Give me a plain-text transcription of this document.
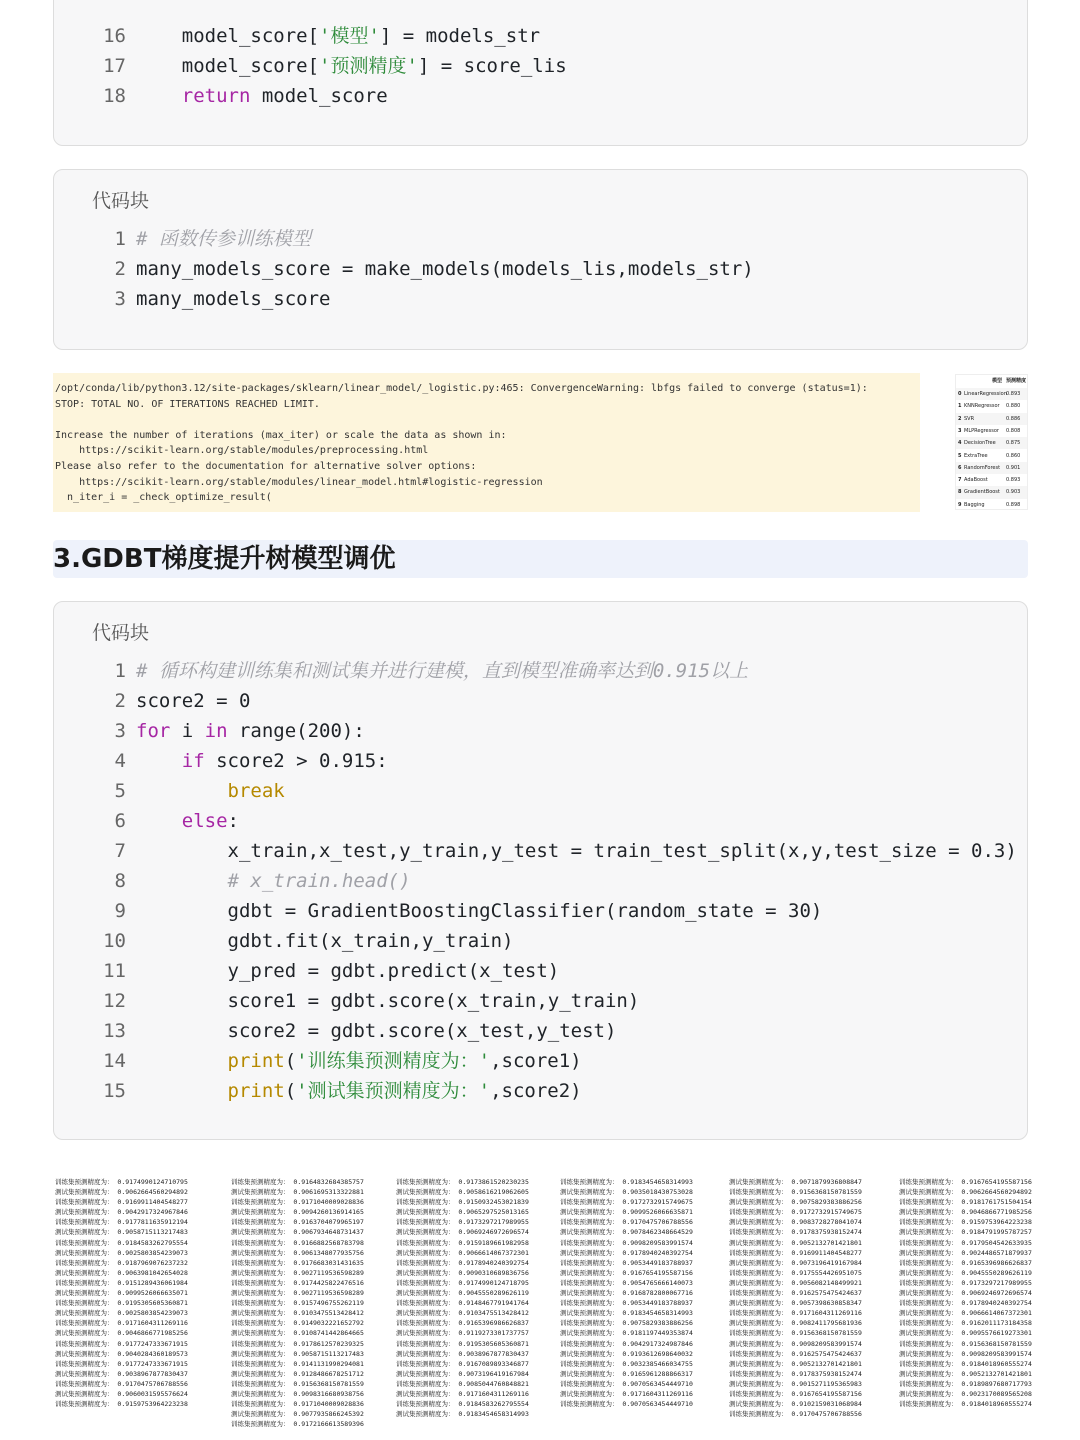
16 model_score['模型'] = models_str
17 model_score['预测精度'] = score_lis
18	return model_score
代码块
1 # 函数传参训练模型
2 many_models_score = make_models(models_lis,models_str)
3 many_models_score
/opt/conda/lib/python3.12/site-packages/sklearn/linear_model/_logistic.py:465: ConvergenceWarning: lbfgs failed to converge (status=1):
STOP: TOTAL NO. OF ITERATIONS REACHED LIMIT.

Increase the number of iterations (max_iter) or scale the data as shown in:
https://scikit-learn.org/stable/modules/preprocessing.html
Please also refer to the documentation for alternative solver options:
https://scikit-learn.org/stable/modules/linear_model.html#logistic-regression
n_iter_i = _check_optimize_result(
模型 预测精度
0 LinearRegression 0.893
1 KNNRegressor 0.880
2 SVR	0.886
3 MLPRegressor 0.808
4 DecisionTree 0.875
5 ExtraTree	0.860
6 RandomForest 0.901
7 AdaBoost	0.893
8 GradientBoost 0.903
9 Bagging	0.898
3.GDBT梯度提升树模型调优
代码块
1 # 循环构建训练集和测试集并进行建模，直到模型准确率达到0.915以上
2 score2 = 0
3 for i in range(200):
4	if score2 > 0.915:
5	break
6	else:
7 x_train,x_test,y_train,y_test = train_test_split(x,y,test_size = 0.3)
8	# x_train.head()
9 gdbt = GradientBoostingClassifier(random_state = 30)
10 gdbt.fit(x_train,y_train)
11 y_pred = gdbt.predict(x_test)
12 score1 = gdbt.score(x_train,y_train)
13 score2 = gdbt.score(x_test,y_test)
14	print('训练集预测精度为：',score1)
15	print('测试集预测精度为：',score2)
训练集预测精度为： 0.9174990124710795
测试集预测精度为： 0.9062664560294892
训练集预测精度为： 0.9169911404548277
测试集预测精度为： 0.9042917324967846
训练集预测精度为： 0.9177811635912194
测试集预测精度为： 0.9058715113217483
训练集预测精度为： 0.9184583262795554
测试集预测精度为： 0.9025803854239073
训练集预测精度为： 0.9187969076237232
测试集预测精度为： 0.9063981042654028
训练集预测精度为： 0.9151289436061984
测试集预测精度为： 0.9099526066635071
训练集预测精度为： 0.9195305605360871
测试集预测精度为： 0.9025803854239073
训练集预测精度为： 0.9171604311269116
测试集预测精度为： 0.9046866771985256
训练集预测精度为： 0.9177247333671915
测试集预测精度为： 0.9040284360189573
训练集预测精度为： 0.9177247333671915
测试集预测精度为： 0.9038967877830437
训练集预测精度为： 0.9170475706788556
测试集预测精度为： 0.9060031595576624
训练集预测精度为： 0.9159753964223238
训练集预测精度为： 0.9164832684385757
测试集预测精度为： 0.9061695313322881
训练集预测精度为： 0.9171040009028836
测试集预测精度为： 0.9094260136914165
训练集预测精度为： 0.9163704079965197
测试集预测精度为： 0.9067934648731437
训练集预测精度为： 0.9166882568783798
测试集预测精度为： 0.9061348077935756
训练集预测精度为： 0.9176683031431635
测试集预测精度为： 0.9027119536598289
训练集预测精度为： 0.9174425822476516
测试集预测精度为： 0.9027119536598289
训练集预测精度为： 0.9157496755262119
测试集预测精度为： 0.9103475513428412
训练集预测精度为： 0.9149032221652792
测试集预测精度为： 0.9108741442864665
训练集预测精度为： 0.9178612570239325
测试集预测精度为： 0.9058715113217483
训练集预测精度为： 0.9141131990294081
测试集预测精度为： 0.9128486678251712
训练集预测精度为： 0.9156368150781559
测试集预测精度为： 0.9098316680938756
训练集预测精度为： 0.9171040009028836
测试集预测精度为： 0.9077935866245392
训练集预测精度为： 0.9172166613589396
训练集预测精度为： 0.9173861520230235
测试集预测精度为： 0.9058616219062605
训练集预测精度为： 0.9150932453021839
测试集预测精度为： 0.9065297525013165
训练集预测精度为： 0.9173297217989955
测试集预测精度为： 0.9069246972696574
训练集预测精度为： 0.9159189661982958
测试集预测精度为： 0.9066614067372301
训练集预测精度为： 0.9178940240392754
测试集预测精度为： 0.9090310689836756
训练集预测精度为： 0.9174990124718795
测试集预测精度为： 0.9045550289626119
训练集预测精度为： 0.9148467791941764
测试集预测精度为： 0.9103475513428412
训练集预测精度为： 0.9165396986626837
测试集预测精度为： 0.9119273301737757
训练集预测精度为： 0.9195305605360871
测试集预测精度为： 0.9038967877830437
训练集预测精度为： 0.9167089893346877
测试集预测精度为： 0.9073196419167984
训练集预测精度为： 0.9085044760848821
测试集预测精度为： 0.9171604311269116
训练集预测精度为： 0.9184583262795554
测试集预测精度为： 0.9183454658314993
训练集预测精度为： 0.9183454658314993
测试集预测精度为： 0.9035018430753028
训练集预测精度为： 0.9172732915749675
测试集预测精度为： 0.9099526066635871
训练集预测精度为： 0.9170475706788556
测试集预测精度为： 0.9078462348664529
训练集预测精度为： 0.9098209583991574
测试集预测精度为： 0.9178940240392754
训练集预测精度为： 0.9053449183788937
测试集预测精度为： 0.9167654195587156
训练集预测精度为： 0.9054765666140073
测试集预测精度为： 0.9168782800067716
训练集预测精度为： 0.9053449183788937
测试集预测精度为： 0.9183454658314993
训练集预测精度为： 0.9075829383886256
测试集预测精度为： 0.9181197449353874
训练集预测精度为： 0.9042917324987846
测试集预测精度为： 0.9193612698640032
训练集预测精度为： 0.9032385466034755
测试集预测精度为： 0.9165961288866317
训练集预测精度为： 0.9070563454449710
测试集预测精度为： 0.9171604311269116
训练集预测精度为： 0.9070563454449710
测试集预测精度为： 0.9071879936808847
训练集预测精度为： 0.9156368150781559
测试集预测精度为： 0.9075829383886256
训练集预测精度为： 0.9172732915749675
测试集预测精度为： 0.9083728278041074
训练集预测精度为： 0.9178375938152474
测试集预测精度为： 0.9052132701421801
训练集预测精度为： 0.9169911404548277
测试集预测精度为： 0.9073196419167984
训练集预测精度为： 0.9175554426951075
测试集预测精度为： 0.9056082148499921
训练集预测精度为： 0.9162575475424637
测试集预测精度为： 0.9057398630858347
训练集预测精度为： 0.9171604311269116
测试集预测精度为： 0.9082411795681936
训练集预测精度为： 0.9156368150781559
测试集预测精度为： 0.9098209583991574
训练集预测精度为： 0.9162575475424637
测试集预测精度为： 0.9052132701421801
训练集预测精度为： 0.9178375938152474
测试集预测精度为： 0.9015271195365983
训练集预测精度为： 0.9167654195587156
测试集预测精度为： 0.9102159031068984
训练集预测精度为： 0.9170475706788556
训练集预测精度为： 0.9167654195587156
测试集预测精度为： 0.9062664560294892
训练集预测精度为： 0.9181761751504154
测试集预测精度为： 0.9046866771985256
训练集预测精度为： 0.9159753964223238
测试集预测精度为： 0.9184791995787257
训练集预测精度为： 0.9179504542633935
测试集预测精度为： 0.9024486571879937
训练集预测精度为： 0.9165396986626837
测试集预测精度为： 0.9045550289626119
训练集预测精度为： 0.9173297217989955
测试集预测精度为： 0.9069246972696574
训练集预测精度为： 0.9178940240392754
测试集预测精度为： 0.9066614067372301
训练集预测精度为： 0.9162011173184358
测试集预测精度为： 0.9095576619273301
训练集预测精度为： 0.9156368150781559
测试集预测精度为： 0.9098209583991574
训练集预测精度为： 0.9184018960555274
测试集预测精度为： 0.9052132701421801
训练集预测精度为： 0.9189897680717793
测试集预测精度为： 0.9023170089565208
训练集预测精度为： 0.9184018960555274
